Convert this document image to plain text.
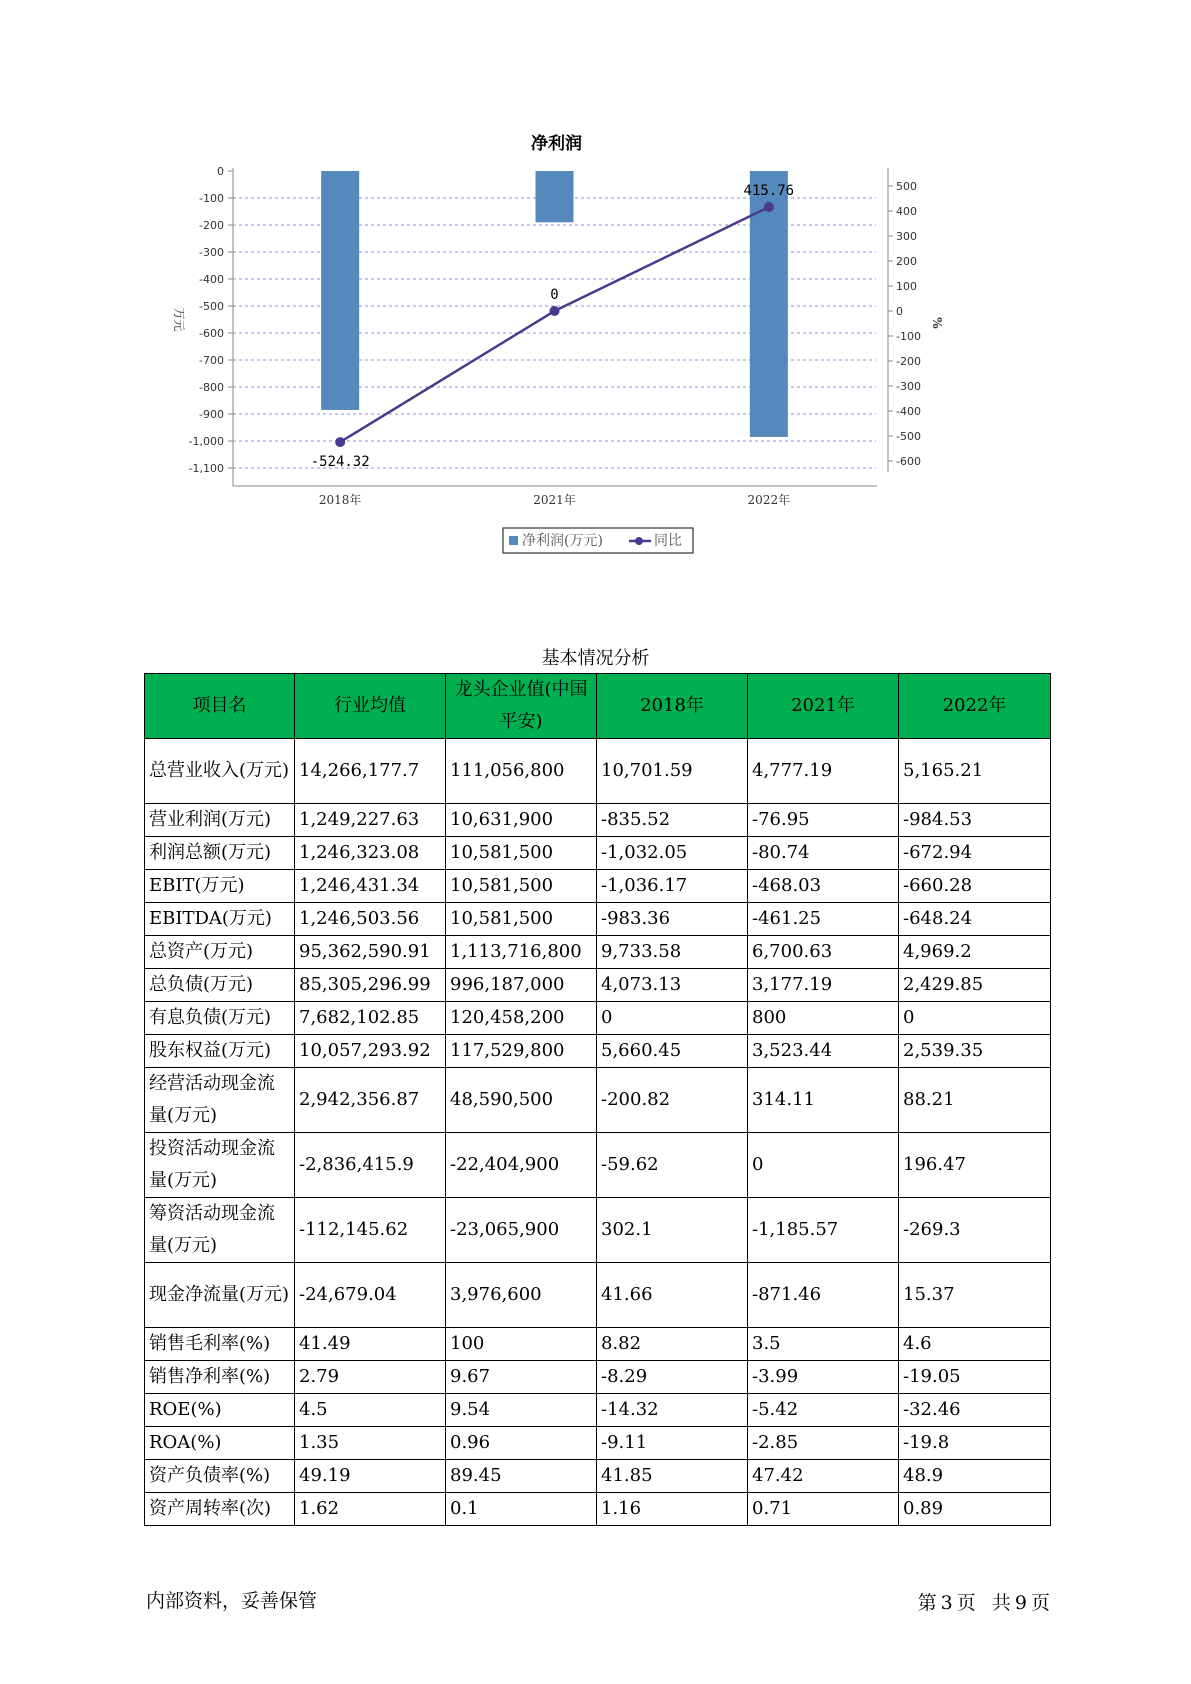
净利润
0
-100
-200
-300
-400
-500
-600
-700
-800
-900
-1,000
-1,100
500
400
300
200
100
0
-100
-200
-300
-400
-500
-600
万元	%
2018年	2021年	2022年
-524.32
0
415.76
净利润(万元)	同比
基本情况分析
项目名	行业均值	龙头企业值(中国平安)	2018年	2021年	2022年
总营业收入(万元)	14,266,177.7	111,056,800	10,701.59	4,777.19	5,165.21
营业利润(万元)	1,249,227.63	10,631,900	-835.52	-76.95	-984.53
利润总额(万元)	1,246,323.08	10,581,500	-1,032.05	-80.74	-672.94
EBIT(万元)	1,246,431.34	10,581,500	-1,036.17	-468.03	-660.28
EBITDA(万元)	1,246,503.56	10,581,500	-983.36	-461.25	-648.24
总资产(万元)	95,362,590.91	1,113,716,800	9,733.58	6,700.63	4,969.2
总负债(万元)	85,305,296.99	996,187,000	4,073.13	3,177.19	2,429.85
有息负债(万元)	7,682,102.85	120,458,200	0	800	0
股东权益(万元)	10,057,293.92	117,529,800	5,660.45	3,523.44	2,539.35
经营活动现金流量(万元)	2,942,356.87	48,590,500	-200.82	314.11	88.21
投资活动现金流量(万元)	-2,836,415.9	-22,404,900	-59.62	0	196.47
筹资活动现金流量(万元)	-112,145.62	-23,065,900	302.1	-1,185.57	-269.3
现金净流量(万元)	-24,679.04	3,976,600	41.66	-871.46	15.37
销售毛利率(%)	41.49	100	8.82	3.5	4.6
销售净利率(%)	2.79	9.67	-8.29	-3.99	-19.05
ROE(%)	4.5	9.54	-14.32	-5.42	-32.46
ROA(%)	1.35	0.96	-9.11	-2.85	-19.8
资产负债率(%)	49.19	89.45	41.85	47.42	48.9
资产周转率(次)	1.62	0.1	1.16	0.71	0.89
内部资料，妥善保管	第 3 页 共 9 页
